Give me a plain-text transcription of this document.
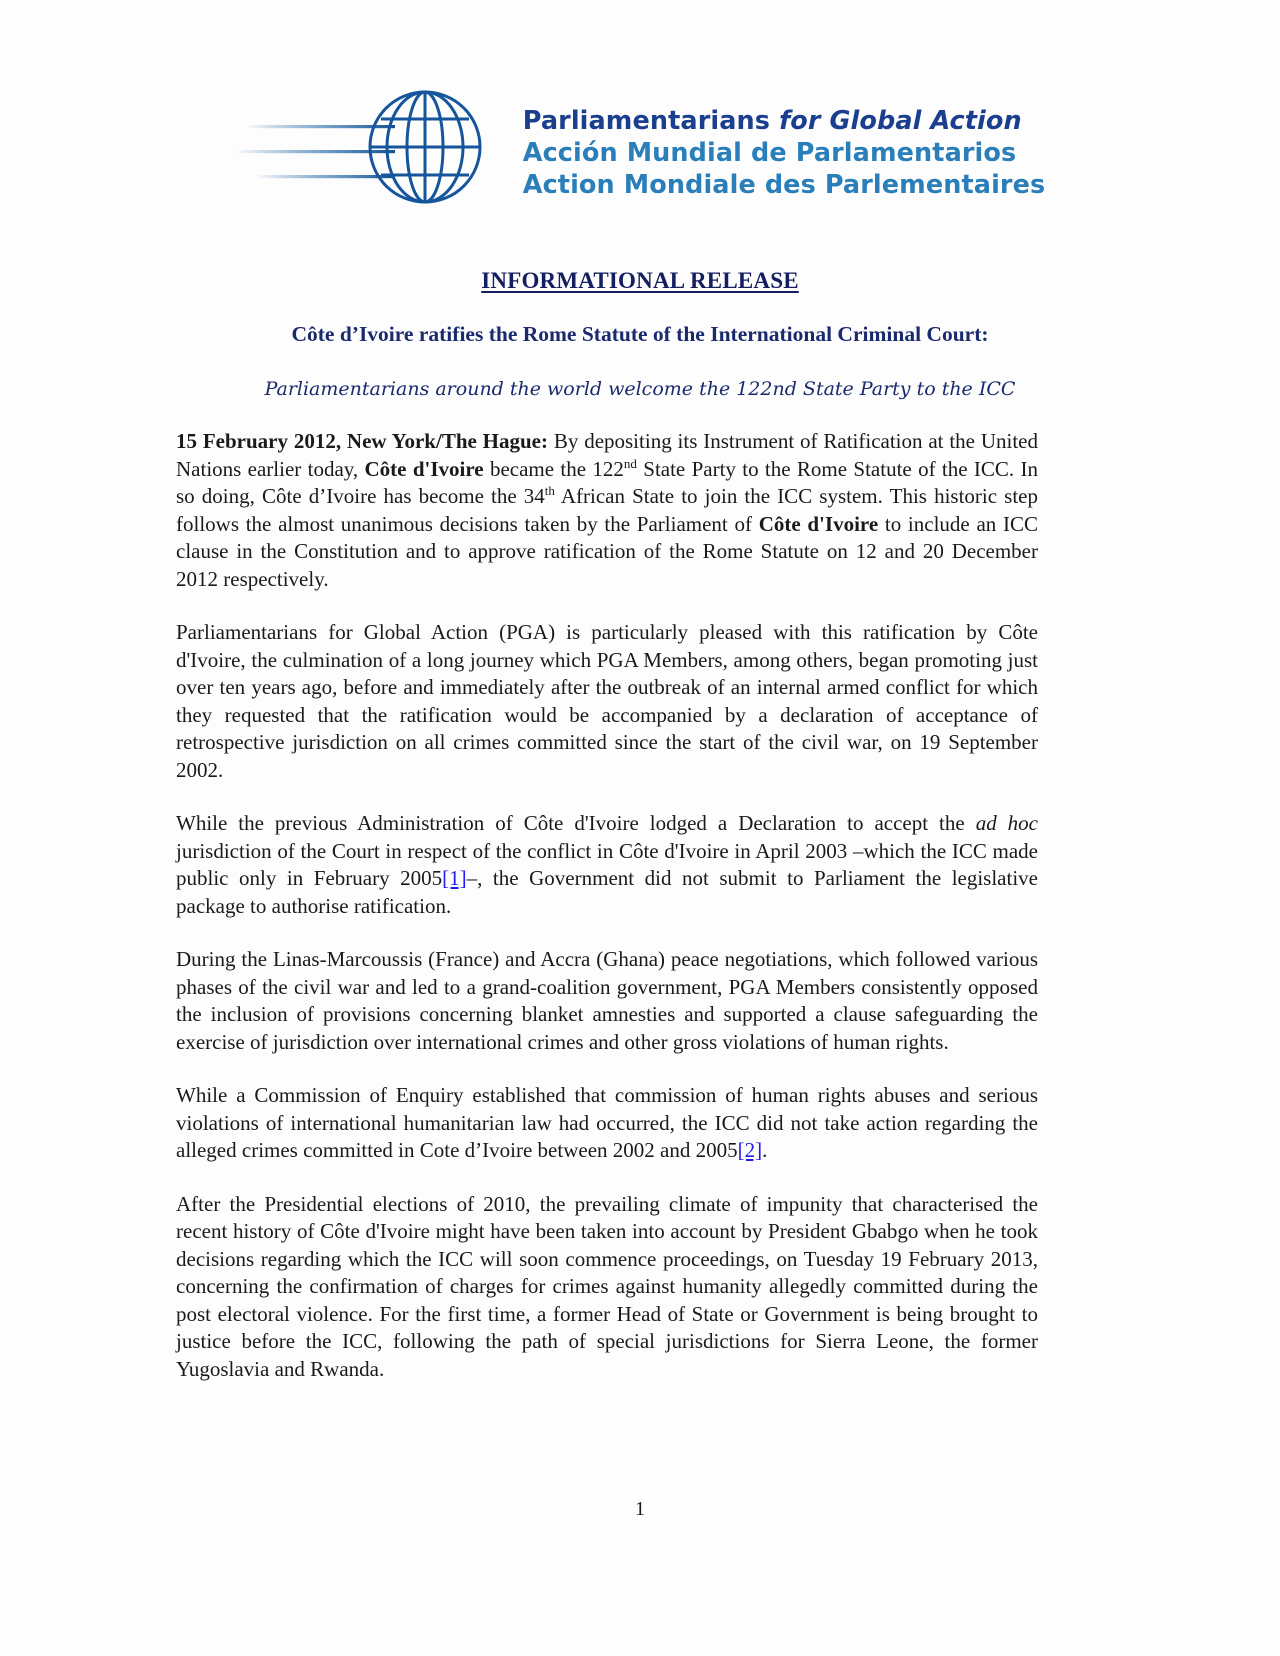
Parliamentarians for Global Action
Acción Mundial de Parlamentarios
Action Mondiale des Parlementaires
INFORMATIONAL RELEASE
Côte d’Ivoire ratifies the Rome Statute of the International Criminal Court:
Parliamentarians around the world welcome the 122nd State Party to the ICC

15 February 2012, New York/The Hague: By depositing its Instrument of Ratification at the United Nations earlier today, Côte d'Ivoire became the 122nd State Party to the Rome Statute of the ICC. In so doing, Côte d’Ivoire has become the 34th African State to join the ICC system. This historic step follows the almost unanimous decisions taken by the Parliament of Côte d'Ivoire to include an ICC clause in the Constitution and to approve ratification of the Rome Statute on 12 and 20 December 2012 respectively.

Parliamentarians for Global Action (PGA) is particularly pleased with this ratification by Côte d'Ivoire, the culmination of a long journey which PGA Members, among others, began promoting just over ten years ago, before and immediately after the outbreak of an internal armed conflict for which they requested that the ratification would be accompanied by a declaration of acceptance of retrospective jurisdiction on all crimes committed since the start of the civil war, on 19 September 2002.

While the previous Administration of Côte d'Ivoire lodged a Declaration to accept the ad hoc jurisdiction of the Court in respect of the conflict in Côte d'Ivoire in April 2003 –which the ICC made public only in February 2005[1]–, the Government did not submit to Parliament the legislative package to authorise ratification.

During the Linas-Marcoussis (France) and Accra (Ghana) peace negotiations, which followed various phases of the civil war and led to a grand-coalition government, PGA Members consistently opposed the inclusion of provisions concerning blanket amnesties and supported a clause safeguarding the exercise of jurisdiction over international crimes and other gross violations of human rights.

While a Commission of Enquiry established that commission of human rights abuses and serious violations of international humanitarian law had occurred, the ICC did not take action regarding the alleged crimes committed in Cote d’Ivoire between 2002 and 2005[2].

After the Presidential elections of 2010, the prevailing climate of impunity that characterised the recent history of Côte d'Ivoire might have been taken into account by President Gbabgo when he took decisions regarding which the ICC will soon commence proceedings, on Tuesday 19 February 2013, concerning the confirmation of charges for crimes against humanity allegedly committed during the post electoral violence. For the first time, a former Head of State or Government is being brought to justice before the ICC, following the path of special jurisdictions for Sierra Leone, the former Yugoslavia and Rwanda.

1
